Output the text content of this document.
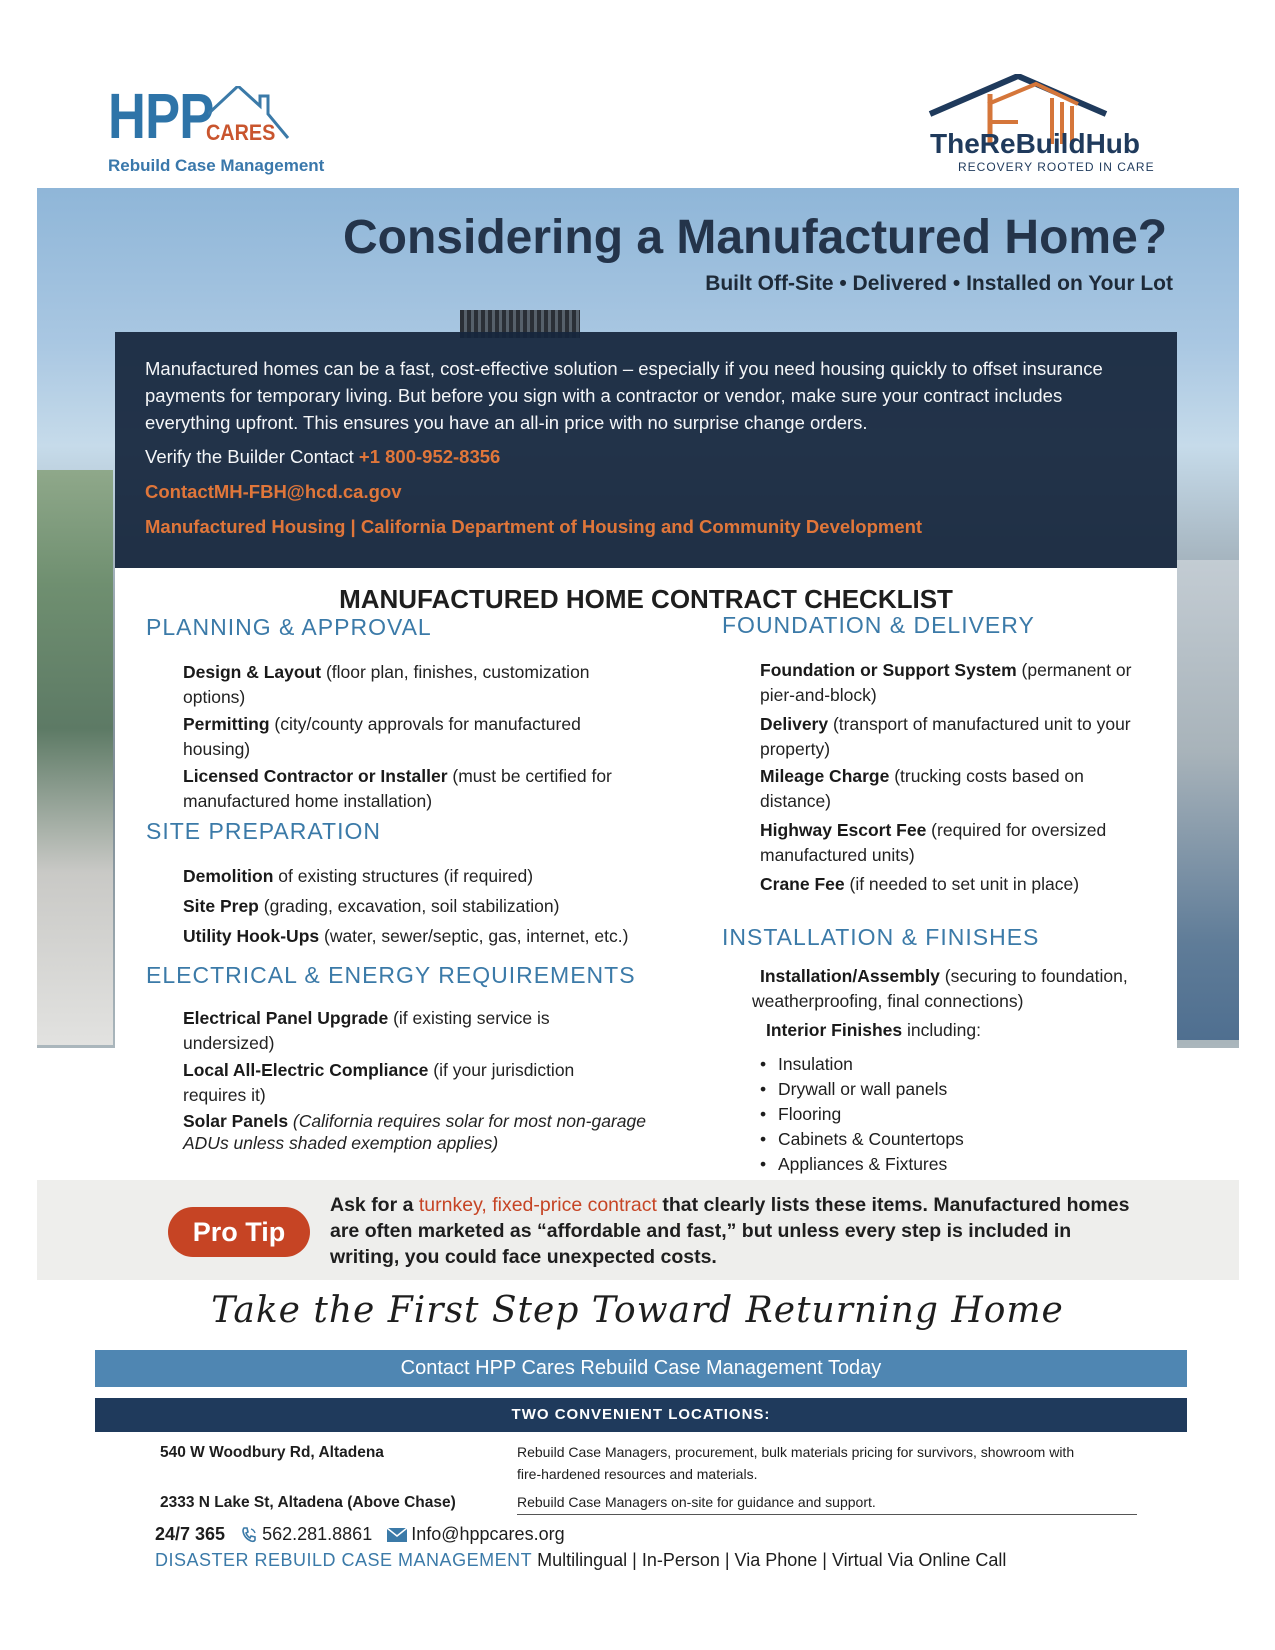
HPP
CARES
Rebuild Case Management
TheReBuildHub
RECOVERY ROOTED IN CARE
Considering a Manufactured Home?
Built Off-Site • Delivered • Installed on Your Lot
Manufactured homes can be a fast, cost-effective solution – especially if you need housing quickly to offset insurance payments for temporary living. But before you sign with a contractor or vendor, make sure your contract includes everything upfront. This ensures you have an all-in price with no surprise change orders.
Verify the Builder Contact +1 800-952-8356
ContactMH-FBH@hcd.ca.gov
Manufactured Housing | California Department of Housing and Community Development
MANUFACTURED HOME CONTRACT CHECKLIST
PLANNING & APPROVAL
Design & Layout (floor plan, finishes, customization options)
Permitting (city/county approvals for manufactured housing)
Licensed Contractor or Installer (must be certified for manufactured home installation)
SITE PREPARATION
Demolition of existing structures (if required)
Site Prep (grading, excavation, soil stabilization)
Utility Hook-Ups (water, sewer/septic, gas, internet, etc.)
ELECTRICAL & ENERGY REQUIREMENTS
Electrical Panel Upgrade (if existing service is undersized)
Local All-Electric Compliance (if your jurisdiction requires it)
Solar Panels (California requires solar for most non-garage ADUs unless shaded exemption applies)
FOUNDATION & DELIVERY
Foundation or Support System (permanent or pier-and-block)
Delivery (transport of manufactured unit to your property)
Mileage Charge (trucking costs based on distance)
Highway Escort Fee (required for oversized manufactured units)
Crane Fee (if needed to set unit in place)
INSTALLATION & FINISHES
Installation/Assembly (securing to foundation, weatherproofing, final connections)
Interior Finishes including:
• Insulation
• Drywall or wall panels
• Flooring
• Cabinets & Countertops
• Appliances & Fixtures
Pro Tip
Ask for a turnkey, fixed-price contract that clearly lists these items. Manufactured homes are often marketed as “affordable and fast,” but unless every step is included in writing, you could face unexpected costs.
Take the First Step Toward Returning Home
Contact HPP Cares Rebuild Case Management Today
TWO CONVENIENT LOCATIONS:
540 W Woodbury Rd, Altadena	Rebuild Case Managers, procurement, bulk materials pricing for survivors, showroom with fire-hardened resources and materials.
2333 N Lake St, Altadena (Above Chase)	Rebuild Case Managers on-site for guidance and support.
24/7 365 562.281.8861 Info@hppcares.org
DISASTER REBUILD CASE MANAGEMENT Multilingual | In-Person | Via Phone | Virtual Via Online Call
